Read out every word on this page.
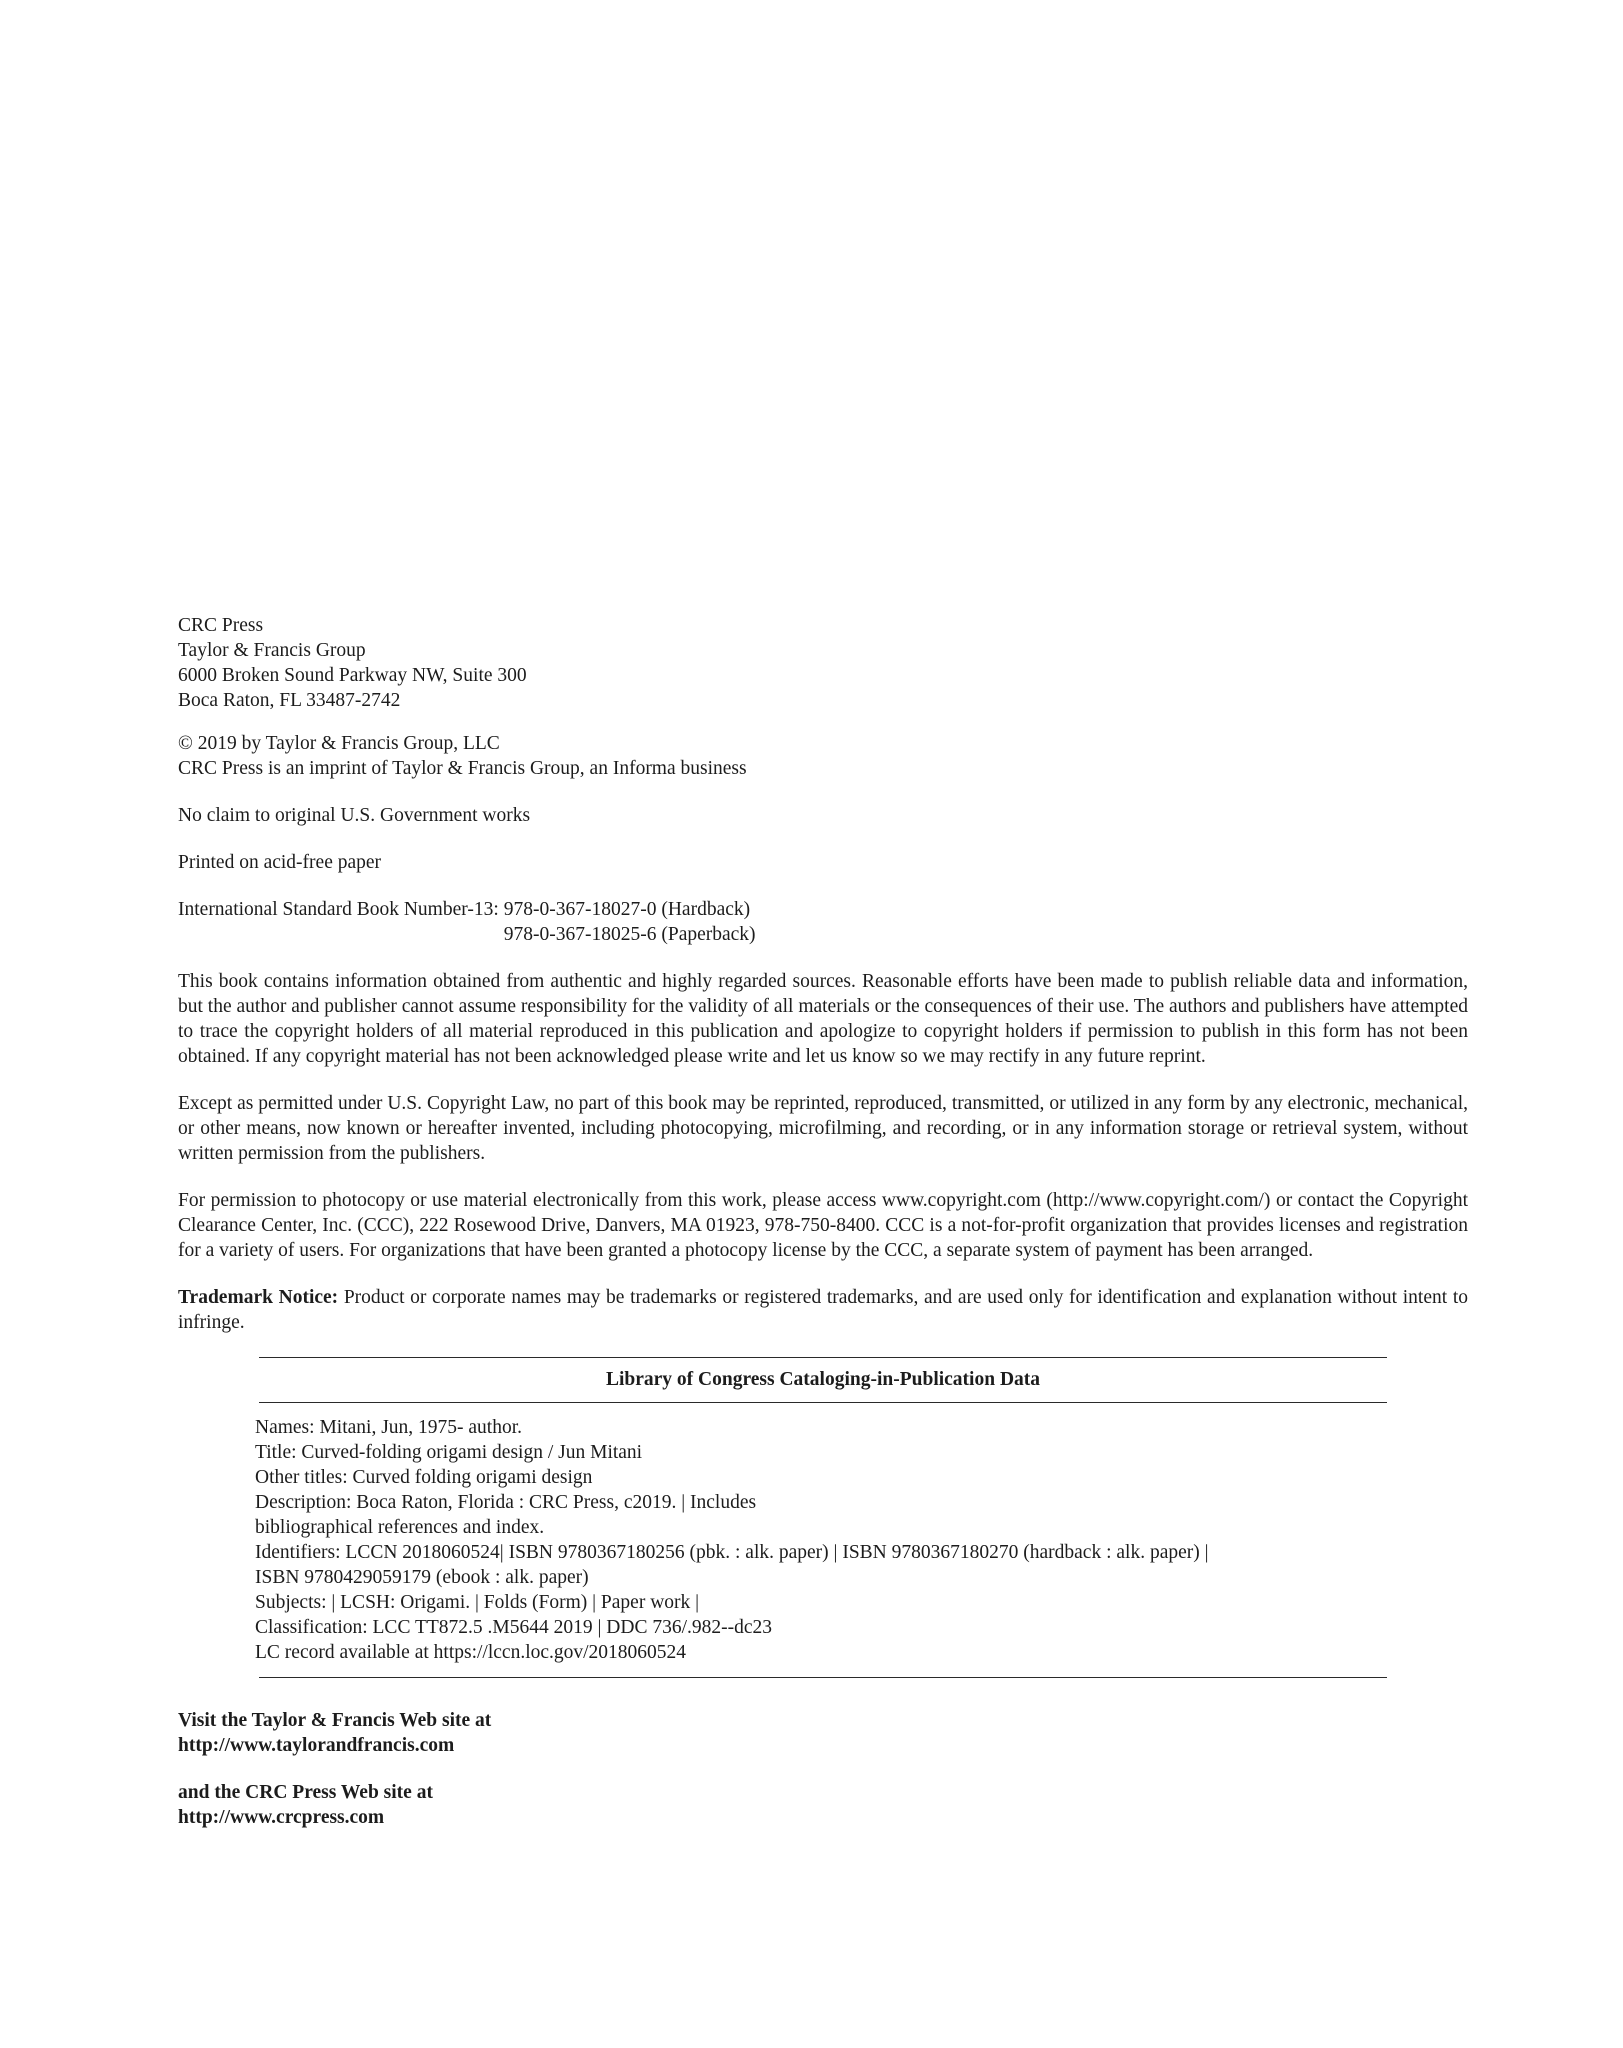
CRC Press
Taylor & Francis Group
6000 Broken Sound Parkway NW, Suite 300
Boca Raton, FL 33487-2742
© 2019 by Taylor & Francis Group, LLC
CRC Press is an imprint of Taylor & Francis Group, an Informa business
No claim to original U.S. Government works
Printed on acid-free paper
International Standard Book Number-13: 978-0-367-18027-0 (Hardback)
978-0-367-18025-6 (Paperback)

This book contains information obtained from authentic and highly regarded sources. Reasonable efforts have been made to publish reliable data and information, but the author and publisher cannot assume responsibility for the validity of all materials or the consequences of their use. The authors and publishers have attempted to trace the copyright holders of all material reproduced in this publication and apologize to copyright holders if permission to publish in this form has not been obtained. If any copyright material has not been acknowledged please write and let us know so we may rectify in any future reprint.

Except as permitted under U.S. Copyright Law, no part of this book may be reprinted, reproduced, transmitted, or utilized in any form by any electronic, mechanical, or other means, now known or hereafter invented, including photocopying, microfilming, and recording, or in any information storage or retrieval system, without written permission from the publishers.

For permission to photocopy or use material electronically from this work, please access www.copyright.com (http://www.copyright.com/) or contact the Copyright Clearance Center, Inc. (CCC), 222 Rosewood Drive, Danvers, MA 01923, 978-750-8400. CCC is a not-for-profit organization that provides licenses and registration for a variety of users. For organizations that have been granted a photocopy license by the CCC, a separate system of payment has been arranged.

Trademark Notice: Product or corporate names may be trademarks or registered trademarks, and are used only for identification and explanation without intent to infringe.

Library of Congress Cataloging-in-Publication Data
Names: Mitani, Jun, 1975- author.
Title: Curved-folding origami design / Jun Mitani
Other titles: Curved folding origami design
Description: Boca Raton, Florida : CRC Press, c2019. | Includes
bibliographical references and index.
Identifiers: LCCN 2018060524| ISBN 9780367180256 (pbk. : alk. paper) | ISBN 9780367180270 (hardback : alk. paper) |
ISBN 9780429059179 (ebook : alk. paper)
Subjects: | LCSH: Origami. | Folds (Form) | Paper work |
Classification: LCC TT872.5 .M5644 2019 | DDC 736/.982--dc23
LC record available at https://lccn.loc.gov/2018060524
Visit the Taylor & Francis Web site at
http://www.taylorandfrancis.com
and the CRC Press Web site at
http://www.crcpress.com
